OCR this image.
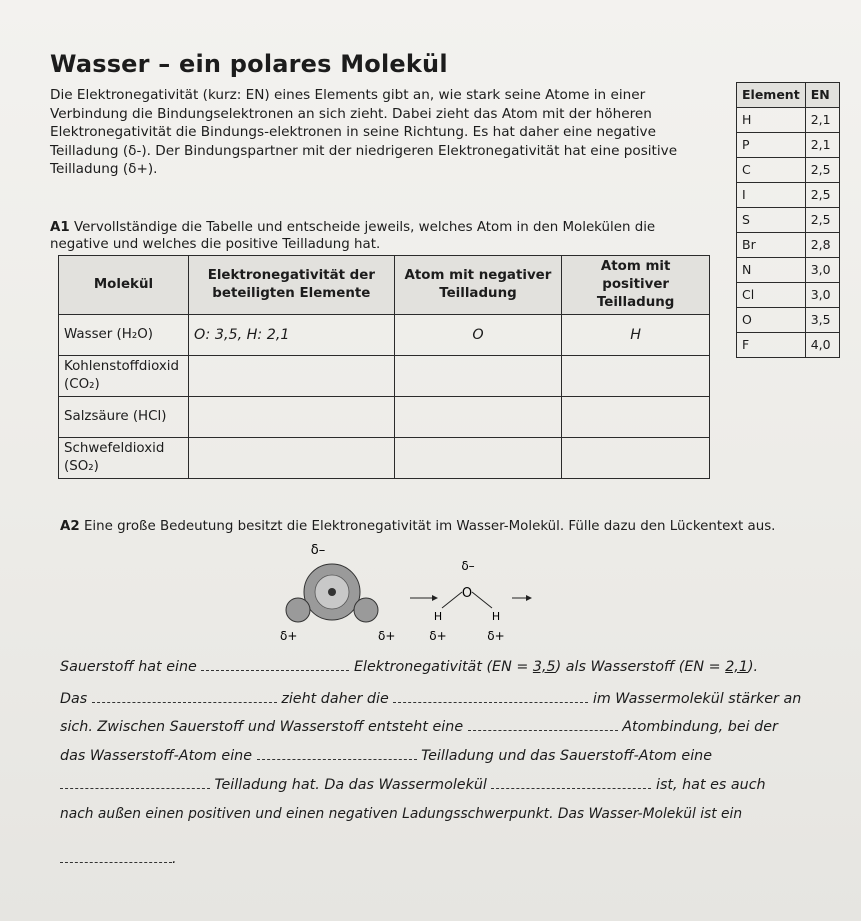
Wasser – ein polares Molekül
Die Elektronegativität (kurz: EN) eines Elements gibt an, wie stark seine Atome in einer Verbindung die Bindungselektronen an sich zieht. Dabei zieht das Atom mit der höheren Elektronegativität die Bindungs-elektronen in seine Richtung. Es hat daher eine negative Teilladung (δ-). Der Bindungspartner mit der niedrigeren Elektronegativität hat eine positive Teilladung (δ+).
A1 Vervollständige die Tabelle und entscheide jeweils, welches Atom in den Molekülen die negative und welches die positive Teilladung hat.
Molekül	Elektronegativität der beteiligten Elemente	Atom mit negativer Teilladung	Atom mit positiver Teilladung
Wasser (H₂O)	O: 3,5, H: 2,1	O	H
Kohlenstoffdioxid (CO₂)			
Salzsäure (HCl)			
Schwefeldioxid (SO₂)			
Element	EN
H	2,1
P	2,1
C	2,5
I	2,5
S	2,5
Br	2,8
N	3,0
Cl	3,0
O	3,5
F	4,0
A2 Eine große Bedeutung besitzt die Elektronegativität im Wasser-Molekül. Fülle dazu den Lückentext aus.
δ–
δ+	δ+
δ–
O
H	H
δ+	δ+
Sauerstoff hat eine	Elektronegativität (EN = 3,5) als Wasserstoff (EN = 2,1).
Das	zieht daher die	im Wassermolekül stärker an
sich. Zwischen Sauerstoff und Wasserstoff entsteht eine	Atombindung, bei der
das Wasserstoff-Atom eine	Teilladung und das Sauerstoff-Atom eine
Teilladung hat. Da das Wassermolekül	ist, hat es auch
nach außen einen positiven und einen negativen Ladungsschwerpunkt. Das Wasser-Molekül ist ein
.
